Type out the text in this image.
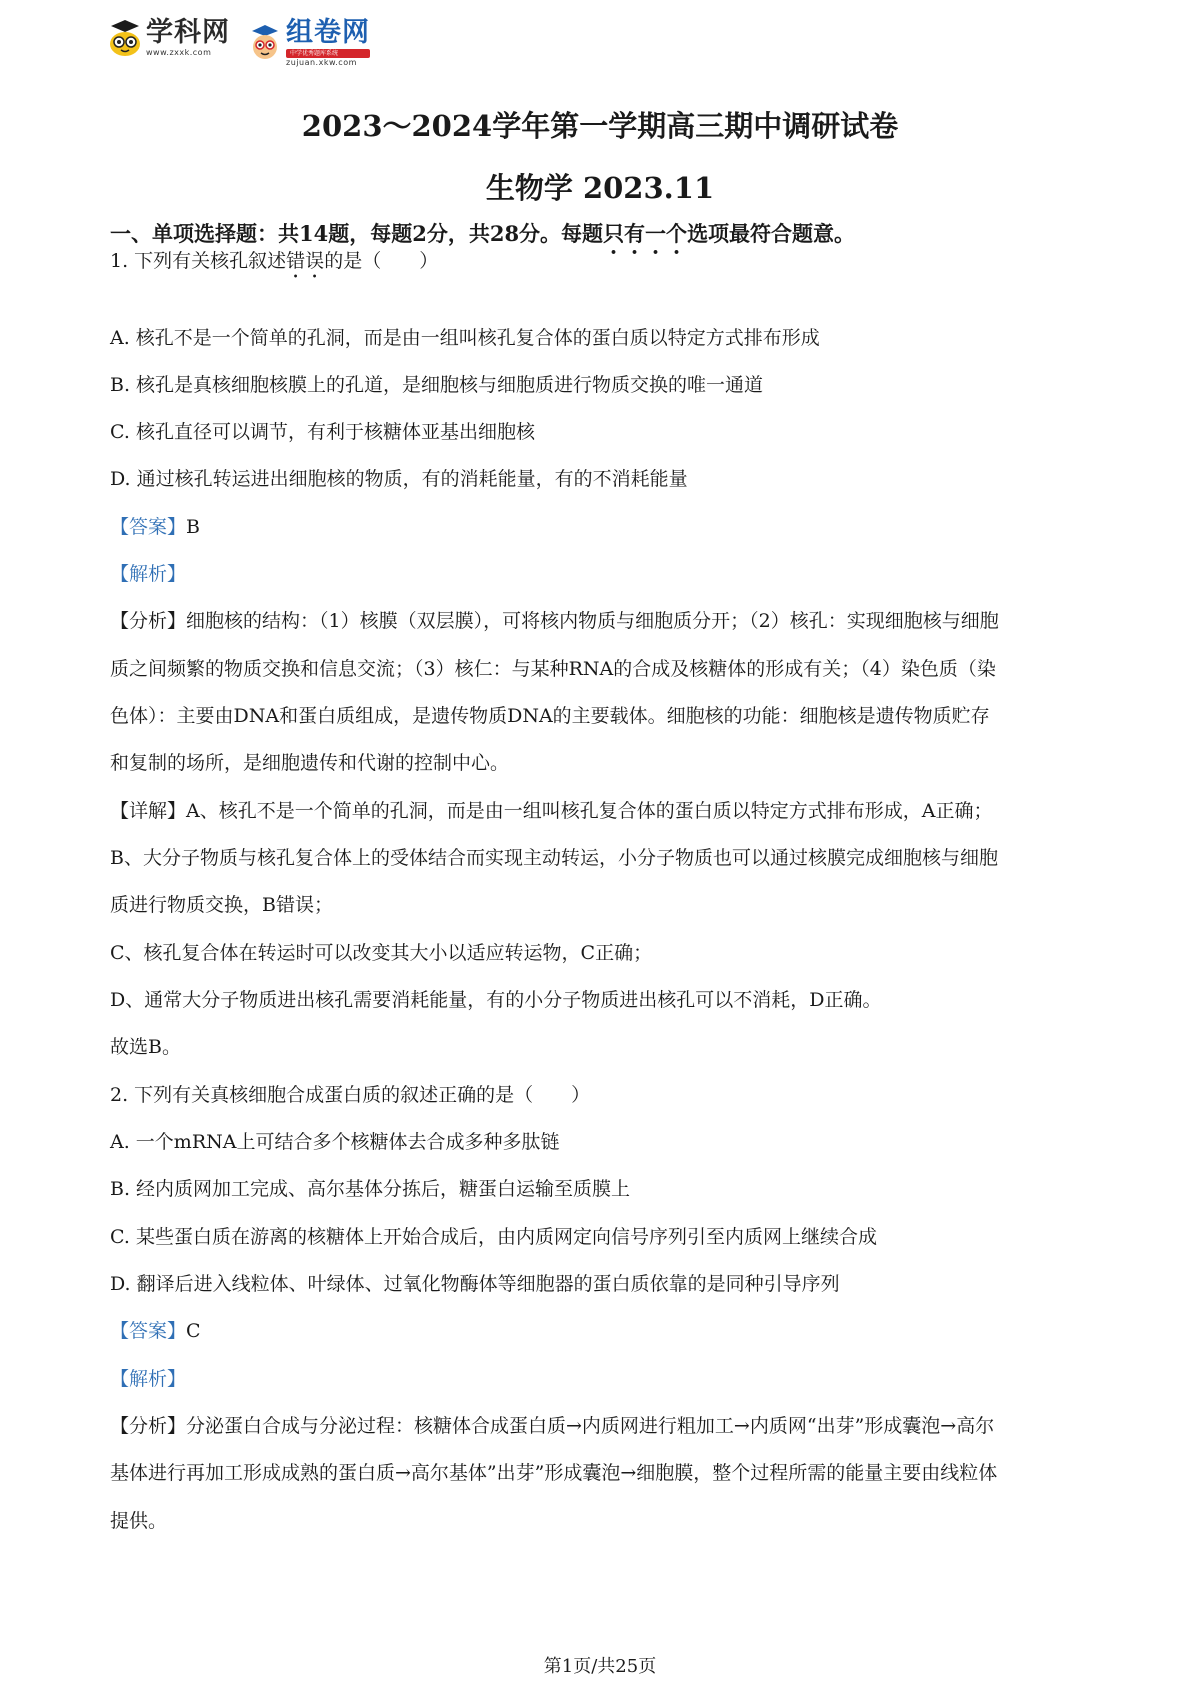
学科网
www.zxxk.com
组卷网
中学优秀题库系统
zujuan.xkw.com
2023～2024学年第一学期高三期中调研试卷
生物学 2023.11
一、单项选择题：共14题，每题2分，共28分。每题只有一个选项最符合题意。
1. 下列有关核孔叙述错误的是（　　）
A. 核孔不是一个简单的孔洞，而是由一组叫核孔复合体的蛋白质以特定方式排布形成
B. 核孔是真核细胞核膜上的孔道，是细胞核与细胞质进行物质交换的唯一通道
C. 核孔直径可以调节，有利于核糖体亚基出细胞核
D. 通过核孔转运进出细胞核的物质，有的消耗能量，有的不消耗能量
【答案】B
【解析】
【分析】细胞核的结构：（1）核膜（双层膜），可将核内物质与细胞质分开；（2）核孔：实现细胞核与细胞
质之间频繁的物质交换和信息交流；（3）核仁：与某种RNA的合成及核糖体的形成有关；（4）染色质（染
色体）：主要由DNA和蛋白质组成，是遗传物质DNA的主要载体。细胞核的功能：细胞核是遗传物质贮存
和复制的场所，是细胞遗传和代谢的控制中心。
【详解】A、核孔不是一个简单的孔洞，而是由一组叫核孔复合体的蛋白质以特定方式排布形成，A正确；
B、大分子物质与核孔复合体上的受体结合而实现主动转运，小分子物质也可以通过核膜完成细胞核与细胞
质进行物质交换，B错误；
C、核孔复合体在转运时可以改变其大小以适应转运物，C正确；
D、通常大分子物质进出核孔需要消耗能量，有的小分子物质进出核孔可以不消耗，D正确。
故选B。
2. 下列有关真核细胞合成蛋白质的叙述正确的是（　　）
A. 一个mRNA上可结合多个核糖体去合成多种多肽链
B. 经内质网加工完成、高尔基体分拣后，糖蛋白运输至质膜上
C. 某些蛋白质在游离的核糖体上开始合成后，由内质网定向信号序列引至内质网上继续合成
D. 翻译后进入线粒体、叶绿体、过氧化物酶体等细胞器的蛋白质依靠的是同种引导序列
【答案】C
【解析】
【分析】分泌蛋白合成与分泌过程：核糖体合成蛋白质→内质网进行粗加工→内质网“出芽”形成囊泡→高尔
基体进行再加工形成成熟的蛋白质→高尔基体”出芽”形成囊泡→细胞膜，整个过程所需的能量主要由线粒体
提供。
第1页/共25页
